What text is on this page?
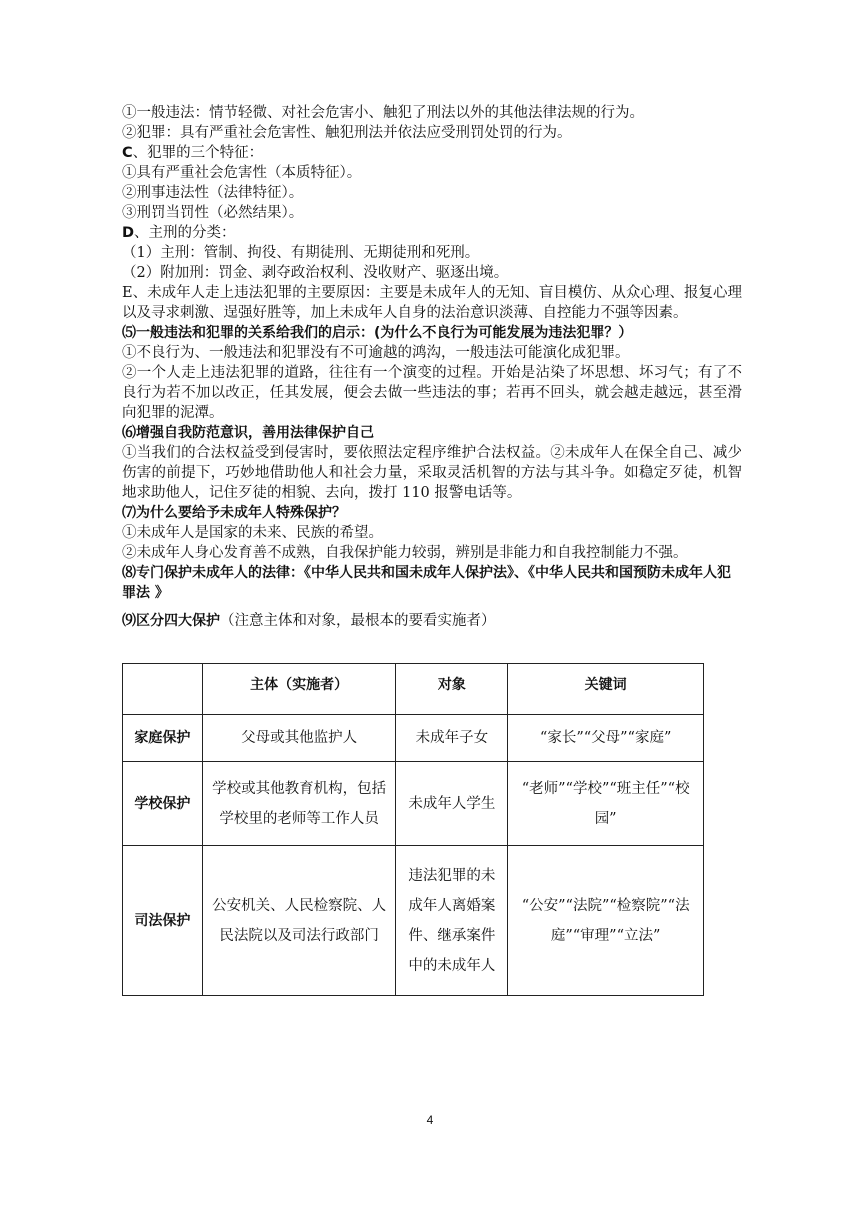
①一般违法：情节轻微、对社会危害小、触犯了刑法以外的其他法律法规的行为。
②犯罪：具有严重社会危害性、触犯刑法并依法应受刑罚处罚的行为。
C、犯罪的三个特征：
①具有严重社会危害性（本质特征）。
②刑事违法性（法律特征）。
③刑罚当罚性（必然结果）。
D、主刑的分类：
（1）主刑：管制、拘役、有期徒刑、无期徒刑和死刑。
（2）附加刑：罚金、剥夺政治权利、没收财产、驱逐出境。
E、未成年人走上违法犯罪的主要原因：主要是未成年人的无知、盲目模仿、从众心理、报复心理以及寻求刺激、逞强好胜等，加上未成年人自身的法治意识淡薄、自控能力不强等因素。
⑸一般违法和犯罪的关系给我们的启示：(为什么不良行为可能发展为违法犯罪？）
①不良行为、一般违法和犯罪没有不可逾越的鸿沟，一般违法可能演化成犯罪。
②一个人走上违法犯罪的道路，往往有一个演变的过程。开始是沾染了坏思想、坏习气；有了不良行为若不加以改正，任其发展，便会去做一些违法的事；若再不回头，就会越走越远，甚至滑向犯罪的泥潭。
⑹增强自我防范意识，善用法律保护自己
①当我们的合法权益受到侵害时，要依照法定程序维护合法权益。②未成年人在保全自己、减少伤害的前提下，巧妙地借助他人和社会力量，采取灵活机智的方法与其斗争。如稳定歹徒，机智地求助他人，记住歹徒的相貌、去向，拨打 110 报警电话等。
⑺为什么要给予未成年人特殊保护？
①未成年人是国家的未来、民族的希望。
②未成年人身心发育善不成熟，自我保护能力较弱，辨别是非能力和自我控制能力不强。
⑻专门保护未成年人的法律：《中华人民共和国未成年人保护法》、《中华人民共和国预防未成年人犯罪法 》
⑼区分四大保护（注意主体和对象，最根本的要看实施者）
	主体（实施者）	对象	关键词
家庭保护	父母或其他监护人	未成年子女	“家长”“父母”“家庭”
学校保护	学校或其他教育机构，包括学校里的老师等工作人员	未成年人学生	“老师”“学校”“班主任”“校园”
司法保护	公安机关、人民检察院、人民法院以及司法行政部门	违法犯罪的未成年人离婚案件、继承案件中的未成年人	“公安”“法院”“检察院”“法庭”“审理”“立法”
4
